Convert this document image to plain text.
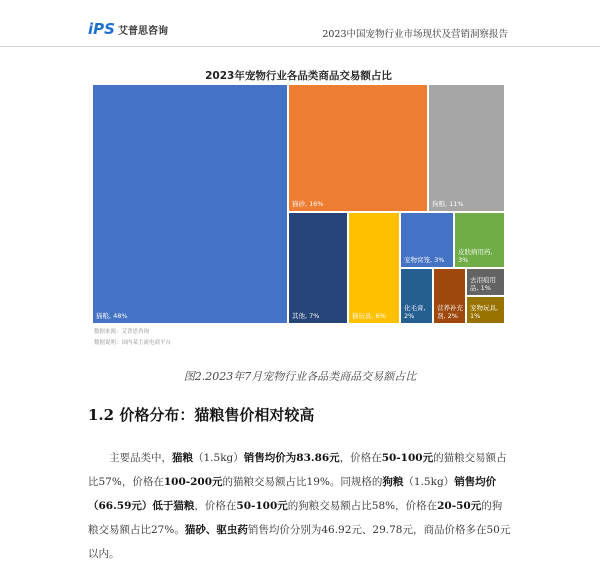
iPS 艾普思咨询	2023中国宠物行业市场现状及营销洞察报告
2023年宠物行业各品类商品交易额占比
猫粮, 48%
猫砂, 16%	狗粮, 11%
其他, 7%	猫玩具, 6%
宠物窝笼, 3%
皮肤病用药, 3%
化毛膏,
2%
营养补充
剂, 2%
去泪痕用
品, 1%
宠物玩具,
1%
数据来源：艾普思咨询
数据说明：国内某主流电商平台
图2.2023年7月宠物行业各品类商品交易额占比
1.2 价格分布：猫粮售价相对较高
主要品类中，猫粮（1.5kg）销售均价为83.86元，价格在50-100元的猫粮交易额占比57%，价格在100-200元的猫粮交易额占比19%。同规格的狗粮（1.5kg）销售均价（66.59元）低于猫粮，价格在50-100元的狗粮交易额占比58%，价格在20-50元的狗粮交易额占比27%。猫砂、驱虫药销售均价分别为46.92元、29.78元，商品价格多在50元以内。
